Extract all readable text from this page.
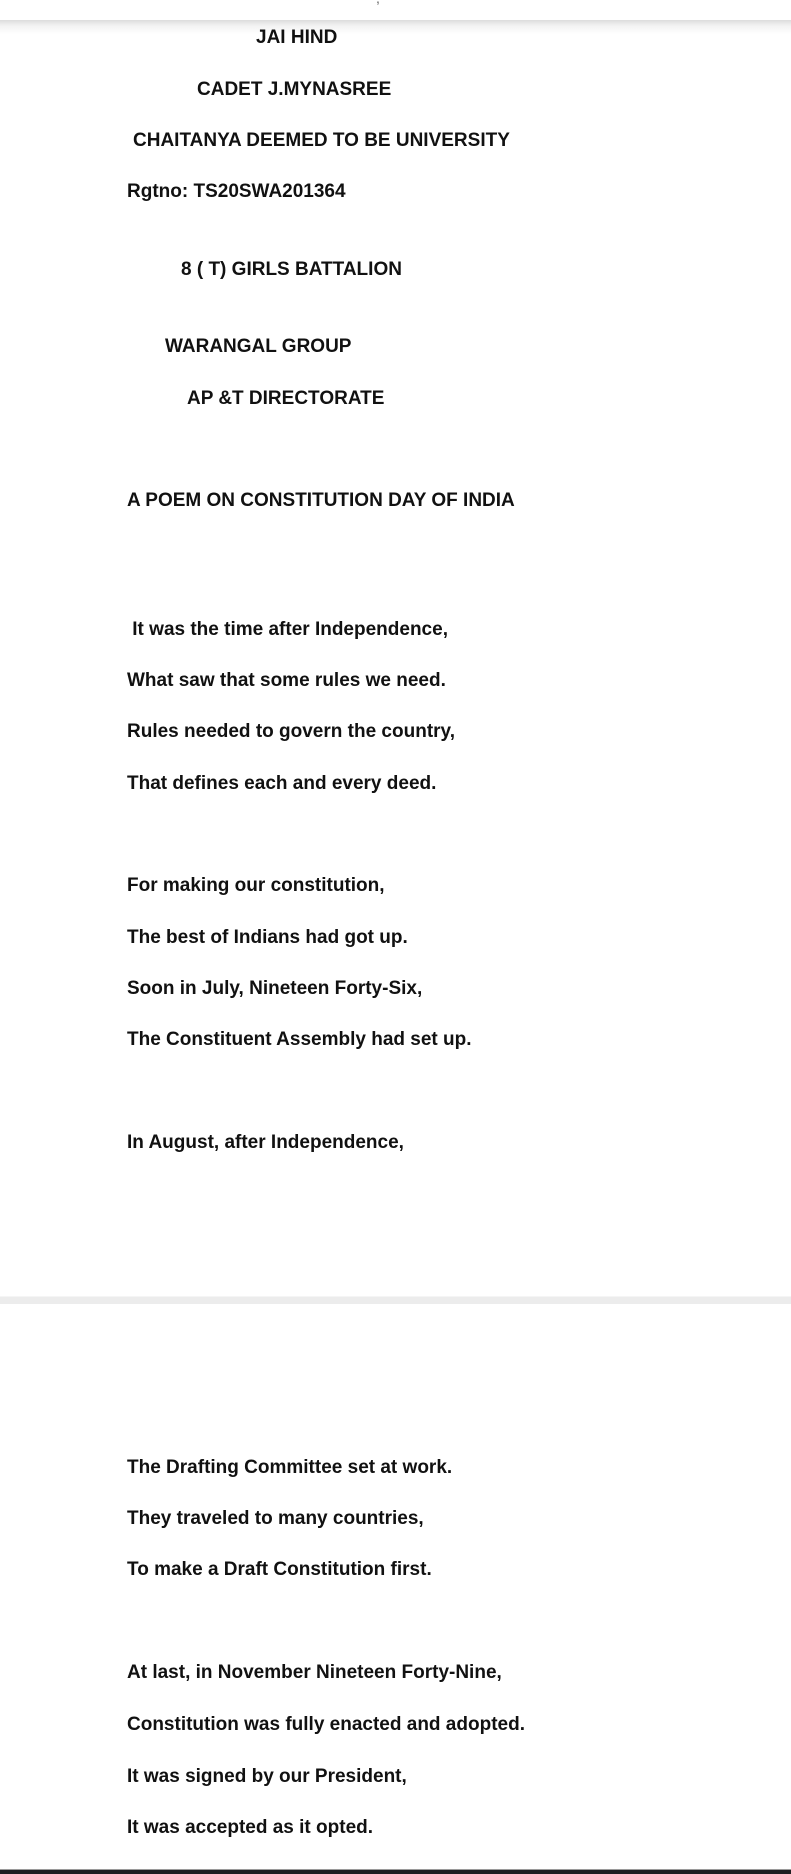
JAI HIND
CADET J.MYNASREE
CHAITANYA DEEMED TO BE UNIVERSITY
Rgtno: TS20SWA201364
8 ( T) GIRLS BATTALION
WARANGAL GROUP
AP &T DIRECTORATE
A POEM ON CONSTITUTION DAY OF INDIA
It was the time after Independence,
What saw that some rules we need.
Rules needed to govern the country,
That defines each and every deed.
For making our constitution,
The best of Indians had got up.
Soon in July, Nineteen Forty-Six,
The Constituent Assembly had set up.
In August, after Independence,
The Drafting Committee set at work.
They traveled to many countries,
To make a Draft Constitution first.
At last, in November Nineteen Forty-Nine,
Constitution was fully enacted and adopted.
It was signed by our President,
It was accepted as it opted.
